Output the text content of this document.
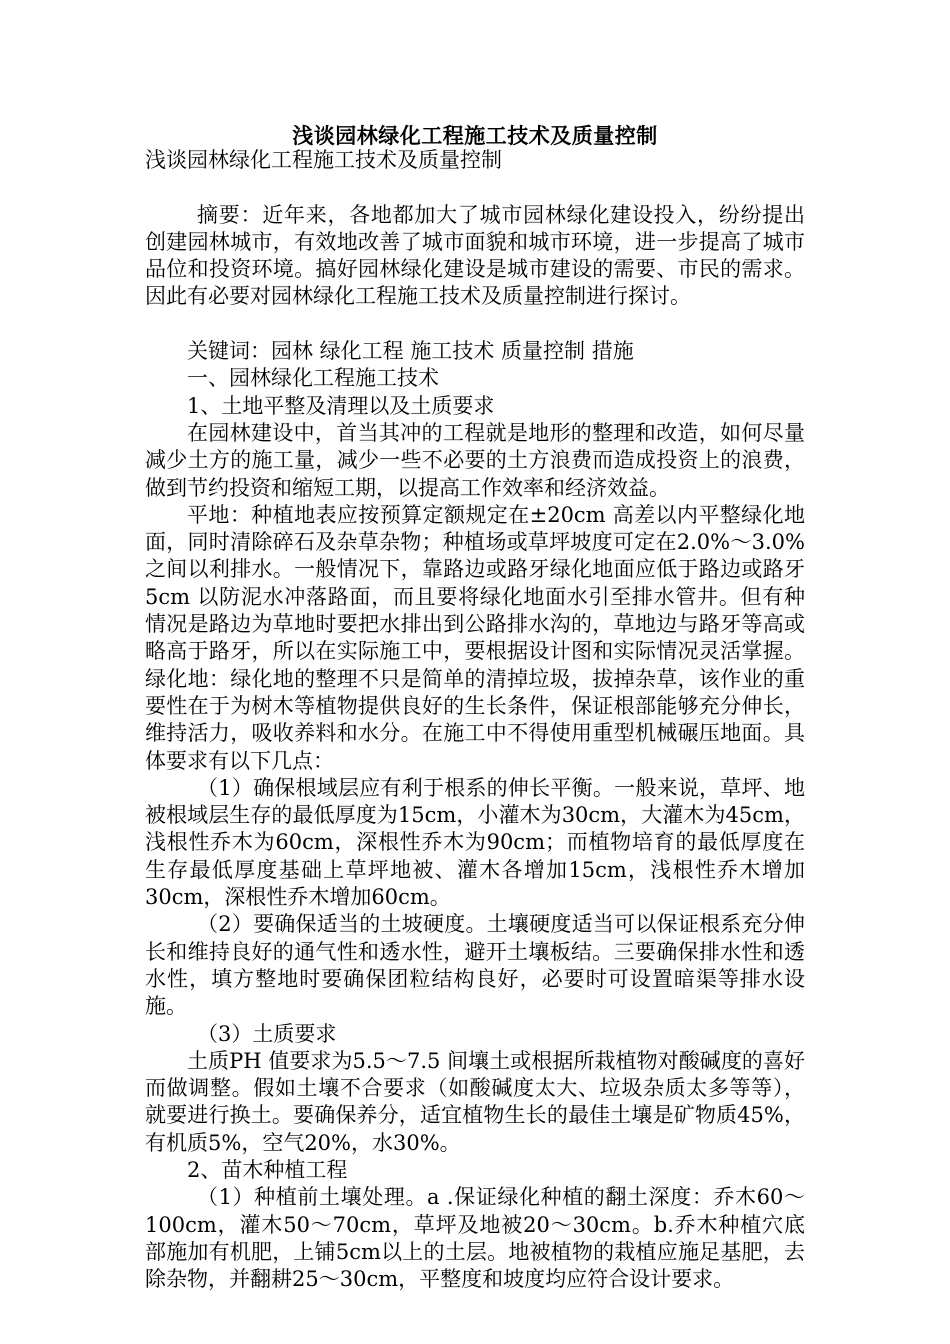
浅谈园林绿化工程施工技术及质量控制

浅谈园林绿化工程施工技术及质量控制

摘要：近年来，各地都加大了城市园林绿化建设投入，纷纷提出创建园林城市，有效地改善了城市面貌和城市环境，进一步提高了城市品位和投资环境。搞好园林绿化建设是城市建设的需要、市民的需求。因此有必要对园林绿化工程施工技术及质量控制进行探讨。

关键词：园林 绿化工程 施工技术 质量控制 措施

一、园林绿化工程施工技术

1、土地平整及清理以及土质要求

在园林建设中，首当其冲的工程就是地形的整理和改造，如何尽量减少土方的施工量，减少一些不必要的土方浪费而造成投资上的浪费，做到节约投资和缩短工期，以提高工作效率和经济效益。

平地：种植地表应按预算定额规定在±20cm 高差以内平整绿化地面，同时清除碎石及杂草杂物；种植场或草坪坡度可定在2.0%～3.0%之间以利排水。一般情况下，靠路边或路牙绿化地面应低于路边或路牙5cm 以防泥水冲落路面，而且要将绿化地面水引至排水管井。但有种情况是路边为草地时要把水排出到公路排水沟的，草地边与路牙等高或略高于路牙，所以在实际施工中，要根据设计图和实际情况灵活掌握。绿化地：绿化地的整理不只是简单的清掉垃圾，拔掉杂草，该作业的重要性在于为树木等植物提供良好的生长条件，保证根部能够充分伸长，维持活力，吸收养料和水分。在施工中不得使用重型机械碾压地面。具体要求有以下几点：

（1）确保根域层应有利于根系的伸长平衡。一般来说，草坪、地被根域层生存的最低厚度为15cm，小灌木为30cm，大灌木为45cm，浅根性乔木为60cm，深根性乔木为90cm；而植物培育的最低厚度在生存最低厚度基础上草坪地被、灌木各增加15cm，浅根性乔木增加30cm，深根性乔木增加60cm。

（2）要确保适当的土坡硬度。土壤硬度适当可以保证根系充分伸长和维持良好的通气性和透水性，避开土壤板结。三要确保排水性和透水性，填方整地时要确保团粒结构良好，必要时可设置暗渠等排水设施。

（3）土质要求

土质PH 值要求为5.5～7.5 间壤土或根据所栽植物对酸碱度的喜好而做调整。假如土壤不合要求（如酸碱度太大、垃圾杂质太多等等），就要进行换土。要确保养分，适宜植物生长的最佳土壤是矿物质45%，有机质5%，空气20%，水30%。

2、苗木种植工程

（1）种植前土壤处理。a .保证绿化种植的翻土深度：乔木60～100cm，灌木50～70cm，草坪及地被20～30cm。b.乔木种植穴底部施加有机肥，上铺5cm以上的土层。地被植物的栽植应施足基肥，去除杂物，并翻耕25～30cm，平整度和坡度均应符合设计要求。
